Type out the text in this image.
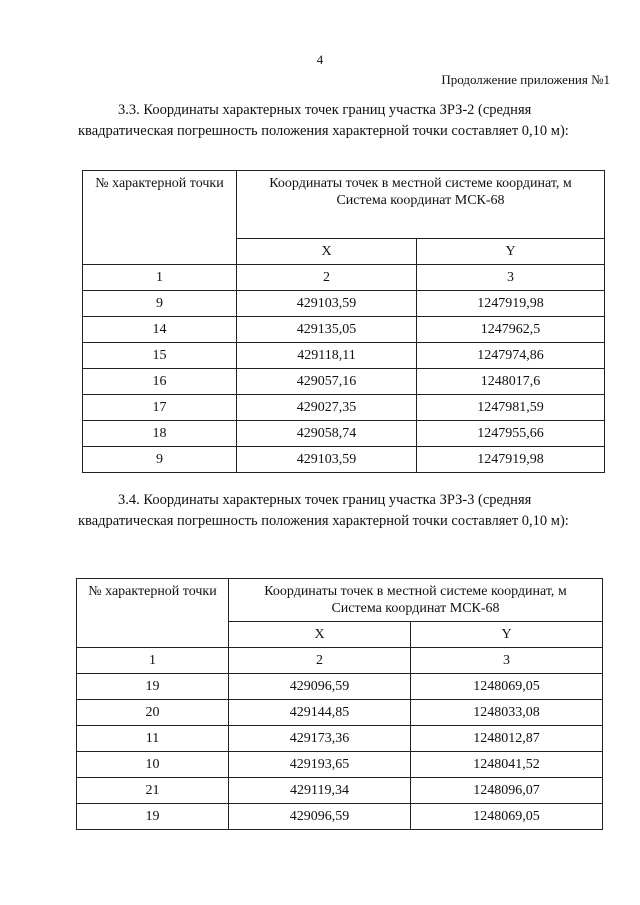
4
Продолжение приложения №1
3.3. Координаты характерных точек границ участка ЗРЗ-2 (средняя
квадратическая погрешность положения характерной точки составляет 0,10 м):
№ характерной точки	Координаты точек в местной системе координат, м
Система координат МСК-68	

	X	Y
1	2	3
9	429103,59	1247919,98
14	429135,05	1247962,5
15	429118,11	1247974,86
16	429057,16	1248017,6
17	429027,35	1247981,59
18	429058,74	1247955,66
9	429103,59	1247919,98
3.4. Координаты характерных точек границ участка ЗРЗ-3 (средняя
квадратическая погрешность положения характерной точки составляет 0,10 м):
№ характерной точки	Координаты точек в местной системе координат, м
Система координат МСК-68	

	X	Y
1	2	3
19	429096,59	1248069,05
20	429144,85	1248033,08
11	429173,36	1248012,87
10	429193,65	1248041,52
21	429119,34	1248096,07
19	429096,59	1248069,05
